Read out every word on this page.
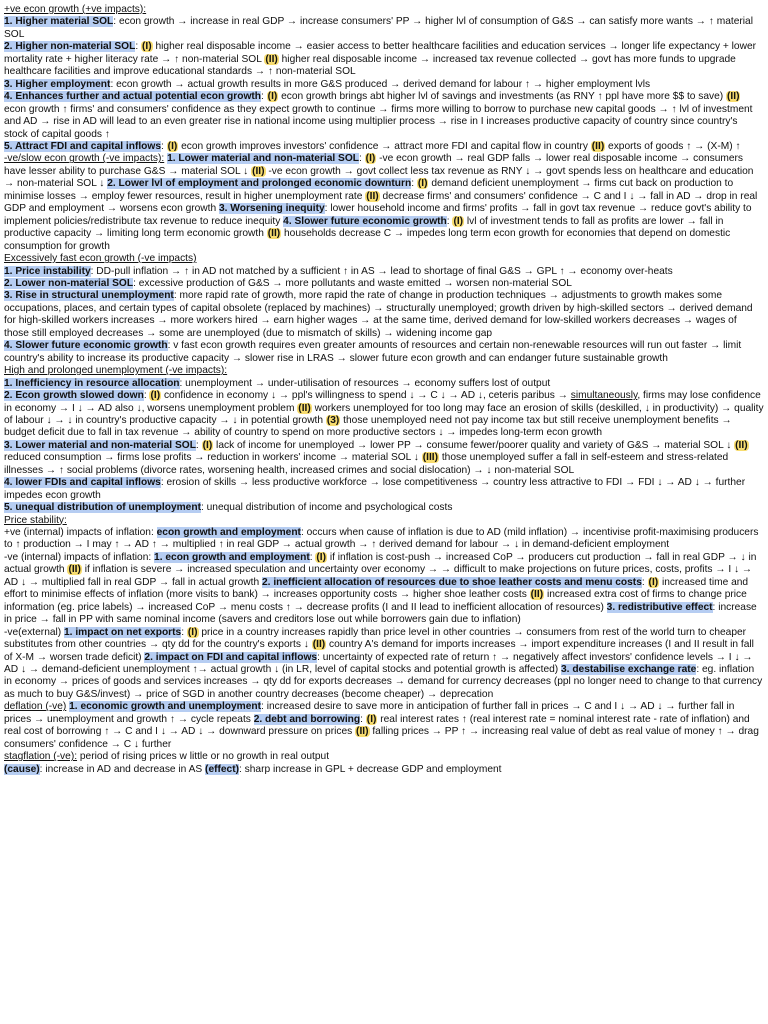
+ve econ growth (+ve impacts):
1. Higher material SOL: econ growth → increase in real GDP → increase consumers' PP → higher lvl of consumption of G&S → can satisfy more wants → ↑ material SOL
2. Higher non-material SOL: (I) higher real disposable income → easier access to better healthcare facilities and education services → longer life expectancy + lower mortality rate + higher literacy rate → ↑ non-material SOL (II) higher real disposable income → increased tax revenue collected → govt has more funds to upgrade healthcare facilities and improve educational standards → ↑ non-material SOL
3. Higher employment: econ growth → actual growth results in more G&S produced → derived demand for labour ↑ → higher employment lvls
4. Enhances further and actual potential econ growth: (I) econ growth brings abt higher lvl of savings and investments (as RNY ↑ ppl have more $$ to save) (II) econ growth ↑ firms' and consumers' confidence as they expect growth to continue → firms more willing to borrow to purchase new capital goods → ↑ lvl of investment and AD → rise in AD will lead to an even greater rise in national income using multiplier process → rise in I increases productive capacity of country since country's stock of capital goods ↑
5. Attract FDI and capital inflows: (I) econ growth improves investors' confidence → attract more FDI and capital flow in country (II) exports of goods ↑ → (X-M) ↑
-ve/slow econ growth (-ve impacts): 1. Lower material and non-material SOL: (I) -ve econ growth → real GDP falls → lower real disposable income → consumers have lesser ability to purchase G&S → material SOL ↓ (II) -ve econ growth → govt collect less tax revenue as RNY ↓ → govt spends less on healthcare and education → non-material SOL ↓ 2. Lower lvl of employment and prolonged economic downturn: (I) demand deficient unemployment → firms cut back on production to minimise losses → employ fewer resources, result in higher unemployment rate (II) decrease firms' and consumers' confidence → C and I ↓ → fall in AD → drop in real GDP and employment → worsens econ growth 3. Worsening inequity: lower household income and firms' profits → fall in govt tax revenue → reduce govt's ability to implement policies/redistribute tax revenue to reduce inequity 4. Slower future economic growth: (I) lvl of investment tends to fall as profits are lower → fall in productive capacity → limiting long term economic growth (II) households decrease C → impedes long term econ growth for economies that depend on domestic consumption for growth
Excessively fast econ growth (-ve impacts)
1. Price instability: DD-pull inflation → ↑ in AD not matched by a sufficient ↑ in AS → lead to shortage of final G&S → GPL ↑ → economy over-heats
2. Lower non-material SOL: excessive production of G&S → more pollutants and waste emitted → worsen non-material SOL
3. Rise in structural unemployment: more rapid rate of growth, more rapid the rate of change in production techniques → adjustments to growth makes some occupations, places, and certain types of capital obsolete (replaced by machines) → structurally unemployed; growth driven by high-skilled sectors → derived demand for high-skilled workers increases → more workers hired → earn higher wages → at the same time, derived demand for low-skilled workers decreases → wages of those still employed decreases → some are unemployed (due to mismatch of skills) → widening income gap
4. Slower future economic growth: v fast econ growth requires even greater amounts of resources and certain non-renewable resources will run out faster → limit country's ability to increase its productive capacity → slower rise in LRAS → slower future econ growth and can endanger future sustainable growth
High and prolonged unemployment (-ve impacts):
1. Inefficiency in resource allocation: unemployment → under-utilisation of resources → economy suffers lost of output
2. Econ growth slowed down: (I) confidence in economy ↓ → ppl's willingness to spend ↓ → C ↓ → AD ↓, ceteris paribus → simultaneously, firms may lose confidence in economy → I ↓ → AD also ↓, worsens unemployment problem (II) workers unemployed for too long may face an erosion of skills (deskilled, ↓ in productivity) → quality of labour ↓ → ↓ in country's productive capacity → ↓ in potential growth (3) those unemployed need not pay income tax but still receive unemployment benefits → budget deficit due to fall in tax revenue → ability of country to spend on more productive sectors ↓ → impedes long-term econ growth
3. Lower material and non-material SOL: (I) lack of income for unemployed → lower PP → consume fewer/poorer quality and variety of G&S → material SOL ↓ (II) reduced consumption → firms lose profits → reduction in workers' income → material SOL ↓ (III) those unemployed suffer a fall in self-esteem and stress-related illnesses → ↑ social problems (divorce rates, worsening health, increased crimes and social dislocation) → ↓ non-material SOL
4. lower FDIs and capital inflows: erosion of skills → less productive workforce → lose competitiveness → country less attractive to FDI → FDI ↓ → AD ↓ → further impedes econ growth
5. unequal distribution of unemployment: unequal distribution of income and psychological costs
Price stability:
+ve (internal) impacts of inflation: econ growth and employment: occurs when cause of inflation is due to AD (mild inflation) → incentivise profit-maximising producers to ↑ production → I may ↑ → AD ↑ → multiplied ↑ in real GDP → actual growth → ↑ derived demand for labour → ↓ in demand-deficient employment
-ve (internal) impacts of inflation: 1. econ growth and employment: (I) if inflation is cost-push → increased CoP → producers cut production → fall in real GDP → ↓ in actual growth (II) if inflation is severe → increased speculation and uncertainty over economy → → difficult to make projections on future prices, costs, profits → I ↓ → AD ↓ → multiplied fall in real GDP → fall in actual growth 2. inefficient allocation of resources due to shoe leather costs and menu costs: (I) increased time and effort to minimise effects of inflation (more visits to bank) → increases opportunity costs → higher shoe leather costs (II) increased extra cost of firms to change price information (eg. price labels) → increased CoP → menu costs ↑ → decrease profits (I and II lead to inefficient allocation of resources) 3. redistributive effect: increase in price → fall in PP with same nominal income (savers and creditors lose out while borrowers gain due to inflation)
-ve(external) 1. impact on net exports: (I) price in a country increases rapidly than price level in other countries → consumers from rest of the world turn to cheaper substitutes from other countries → qty dd for the country's exports ↓ (II) country A's demand for imports increases → import expenditure increases (I and II result in fall of X-M → worsen trade deficit) 2. impact on FDI and capital inflows: uncertainty of expected rate of return ↑ → negatively affect investors' confidence levels → I ↓ → AD ↓ → demand-deficient unemployment ↑→ actual growth ↓ (in LR, level of capital stocks and potential growth is affected) 3. destabilise exchange rate: eg. inflation in economy → prices of goods and services increases → qty dd for exports decreases → demand for currency decreases (ppl no longer need to change to that currency as much to buy G&S/invest) → price of SGD in another country decreases (become cheaper) → deprecation
deflation (-ve) 1. economic growth and unemployment: increased desire to save more in anticipation of further fall in prices → C and I ↓ → AD ↓ → further fall in prices → unemployment and growth ↑ → cycle repeats 2. debt and borrowing: (I) real interest rates ↑ (real interest rate = nominal interest rate - rate of inflation) and real cost of borrowing ↑ → C and I ↓ → AD ↓ → downward pressure on prices (II) falling prices → PP ↑ → increasing real value of debt as real value of money ↑ → drag consumers' confidence → C ↓ further
stagflation (-ve): period of rising prices w little or no growth in real output
(cause): increase in AD and decrease in AS (effect): sharp increase in GPL + decrease GDP and employment
